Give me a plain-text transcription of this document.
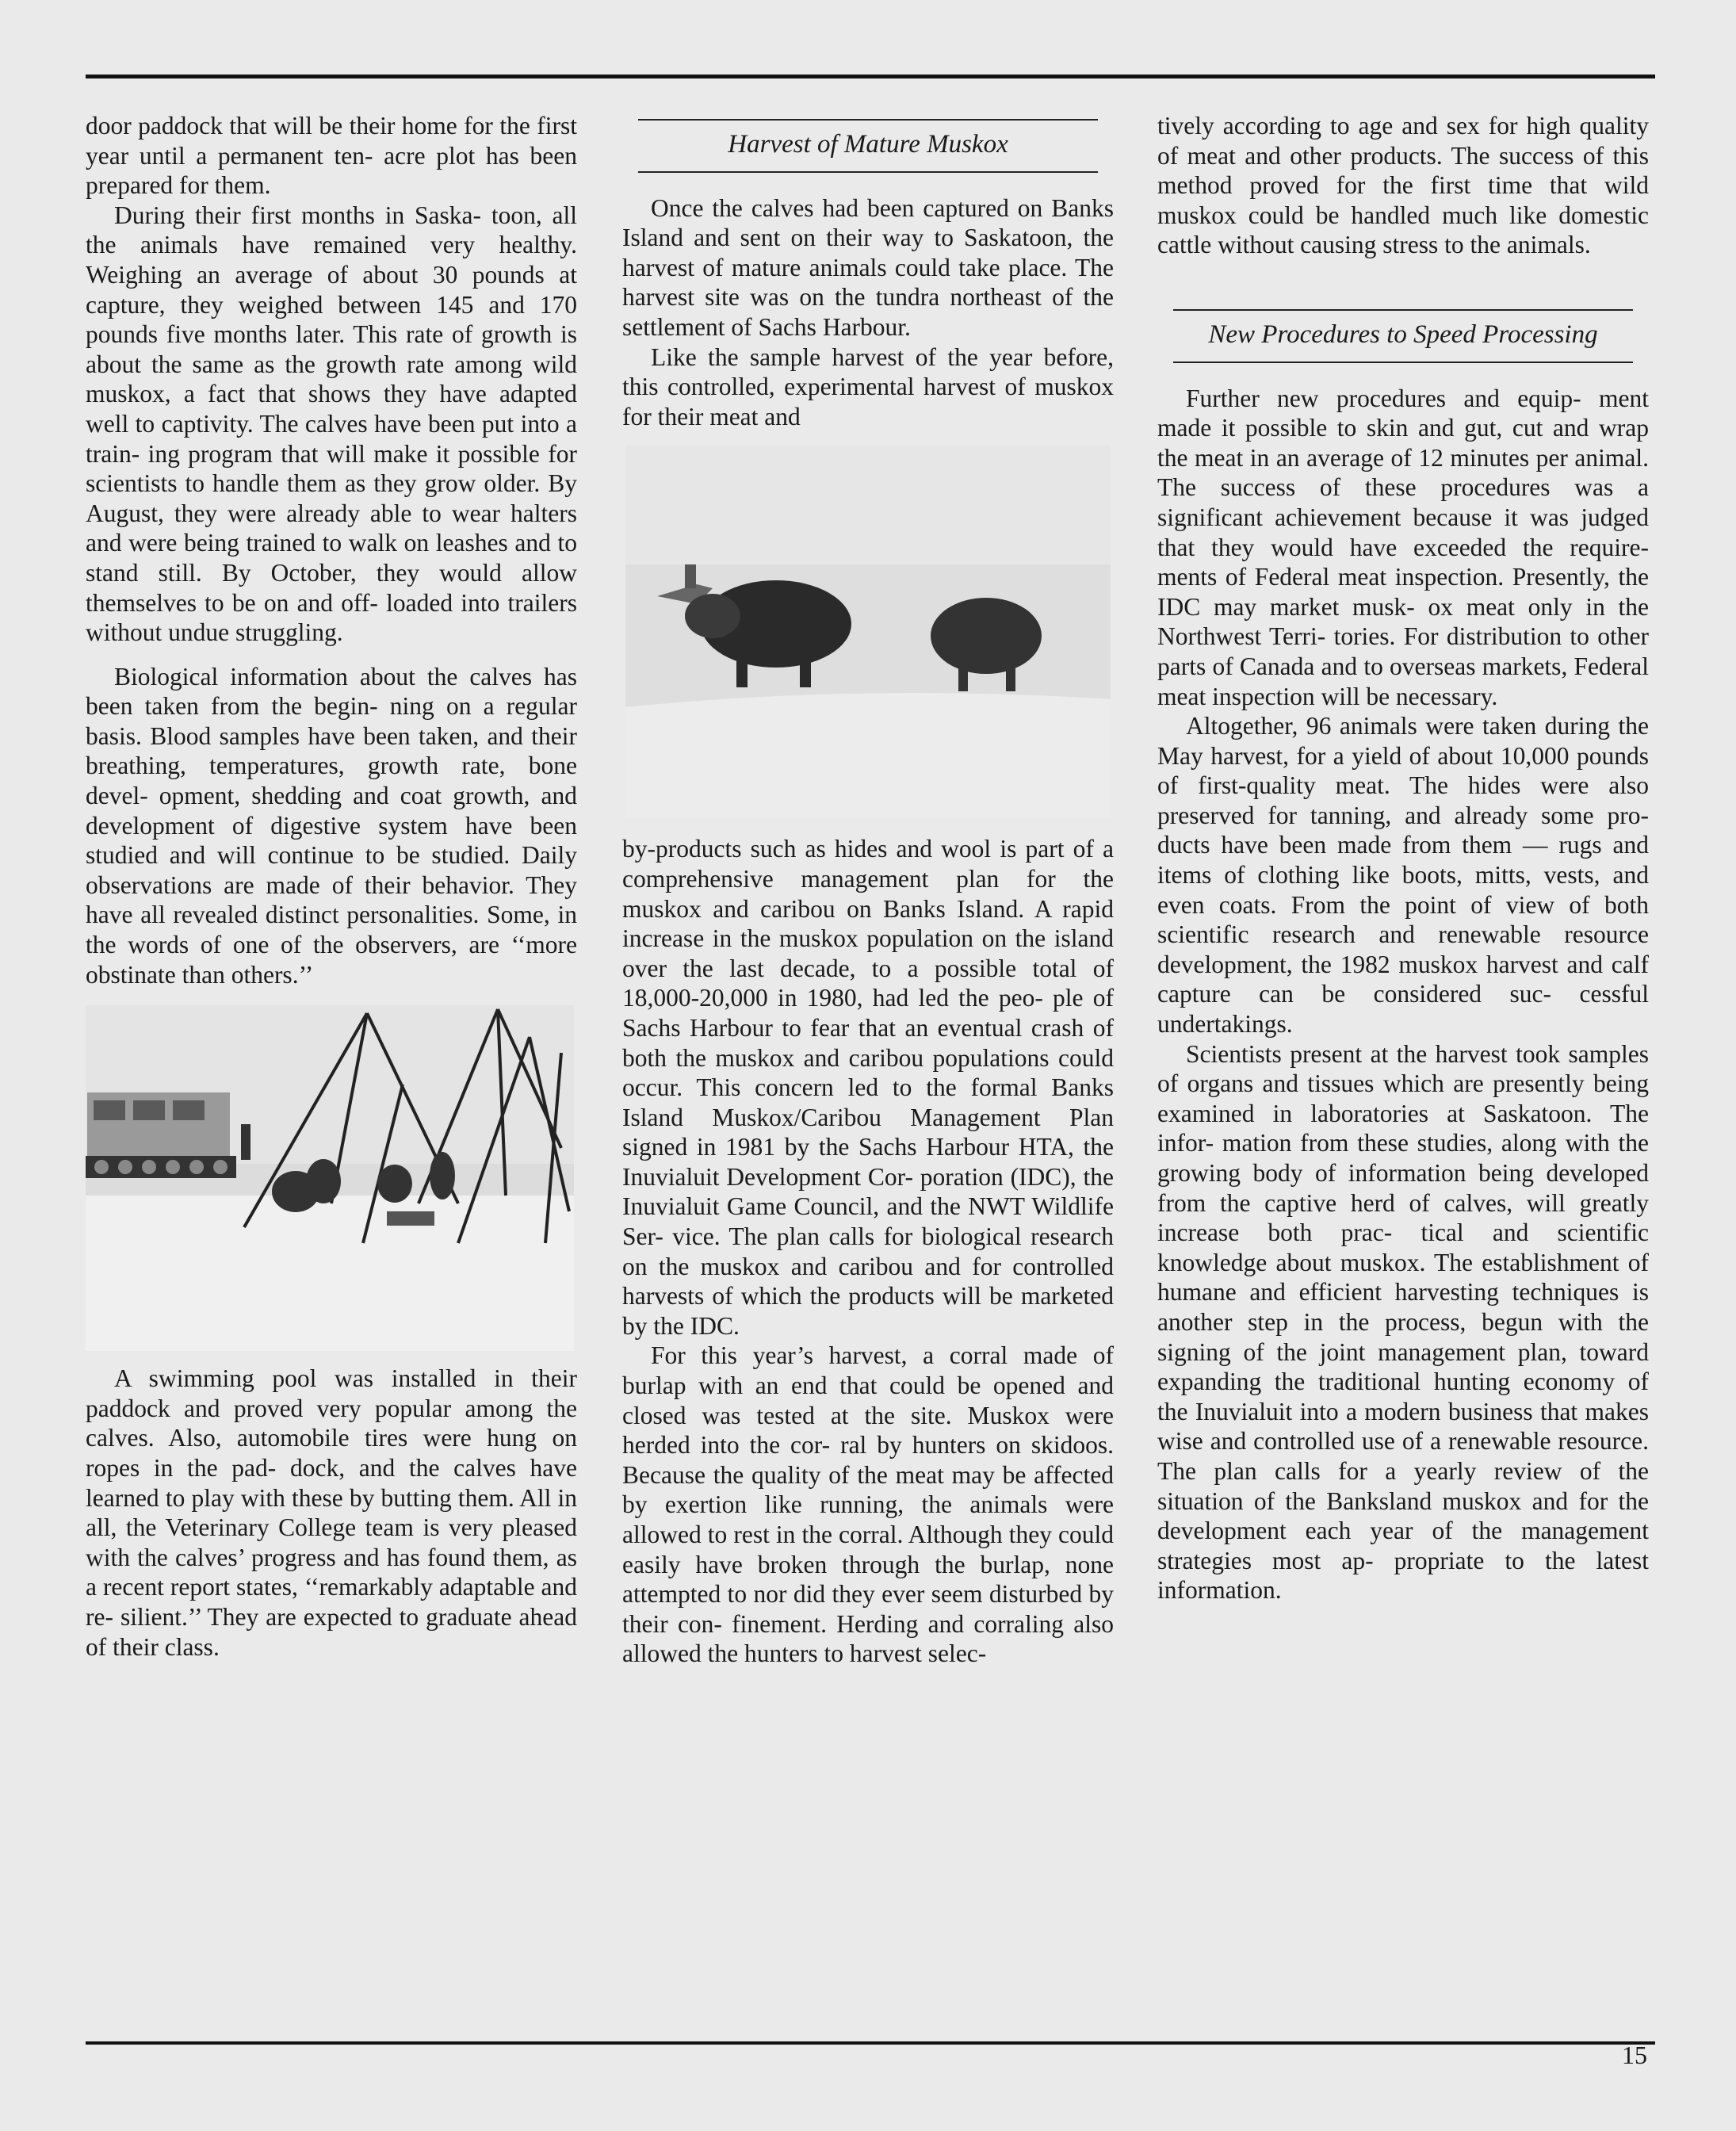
door paddock that will be their home for the first year until a permanent ten- acre plot has been prepared for them.

During their first months in Saska- toon, all the animals have remained very healthy. Weighing an average of about 30 pounds at capture, they weighed between 145 and 170 pounds five months later. This rate of growth is about the same as the growth rate among wild muskox, a fact that shows they have adapted well to captivity. The calves have been put into a train- ing program that will make it possible for scientists to handle them as they grow older. By August, they were already able to wear halters and were being trained to walk on leashes and to stand still. By October, they would allow themselves to be on and off- loaded into trailers without undue struggling.

Biological information about the calves has been taken from the begin- ning on a regular basis. Blood samples have been taken, and their breathing, temperatures, growth rate, bone devel- opment, shedding and coat growth, and development of digestive system have been studied and will continue to be studied. Daily observations are made of their behavior. They have all revealed distinct personalities. Some, in the words of one of the observers, are ‘‘more obstinate than others.’’

A swimming pool was installed in their paddock and proved very popular among the calves. Also, automobile tires were hung on ropes in the pad- dock, and the calves have learned to play with these by butting them. All in all, the Veterinary College team is very pleased with the calves’ progress and has found them, as a recent report states, ‘‘remarkably adaptable and re- silient.’’ They are expected to graduate ahead of their class.

Harvest of Mature Muskox

Once the calves had been captured on Banks Island and sent on their way to Saskatoon, the harvest of mature animals could take place. The harvest site was on the tundra northeast of the settlement of Sachs Harbour.

Like the sample harvest of the year before, this controlled, experimental harvest of muskox for their meat and

by-products such as hides and wool is part of a comprehensive management plan for the muskox and caribou on Banks Island. A rapid increase in the muskox population on the island over the last decade, to a possible total of 18,000-20,000 in 1980, had led the peo- ple of Sachs Harbour to fear that an eventual crash of both the muskox and caribou populations could occur. This concern led to the formal Banks Island Muskox/Caribou Management Plan signed in 1981 by the Sachs Harbour HTA, the Inuvialuit Development Cor- poration (IDC), the Inuvialuit Game Council, and the NWT Wildlife Ser- vice. The plan calls for biological research on the muskox and caribou and for controlled harvests of which the products will be marketed by the IDC.

For this year’s harvest, a corral made of burlap with an end that could be opened and closed was tested at the site. Muskox were herded into the cor- ral by hunters on skidoos. Because the quality of the meat may be affected by exertion like running, the animals were allowed to rest in the corral. Although they could easily have broken through the burlap, none attempted to nor did they ever seem disturbed by their con- finement. Herding and corraling also allowed the hunters to harvest selec-

tively according to age and sex for high quality of meat and other products. The success of this method proved for the first time that wild muskox could be handled much like domestic cattle without causing stress to the animals.

New Procedures to Speed Processing

Further new procedures and equip- ment made it possible to skin and gut, cut and wrap the meat in an average of 12 minutes per animal. The success of these procedures was a significant achievement because it was judged that they would have exceeded the require- ments of Federal meat inspection. Presently, the IDC may market musk- ox meat only in the Northwest Terri- tories. For distribution to other parts of Canada and to overseas markets, Federal meat inspection will be necessary.

Altogether, 96 animals were taken during the May harvest, for a yield of about 10,000 pounds of first-quality meat. The hides were also preserved for tanning, and already some pro- ducts have been made from them — rugs and items of clothing like boots, mitts, vests, and even coats. From the point of view of both scientific research and renewable resource development, the 1982 muskox harvest and calf capture can be considered suc- cessful undertakings.

Scientists present at the harvest took samples of organs and tissues which are presently being examined in laboratories at Saskatoon. The infor- mation from these studies, along with the growing body of information being developed from the captive herd of calves, will greatly increase both prac- tical and scientific knowledge about muskox. The establishment of humane and efficient harvesting techniques is another step in the process, begun with the signing of the joint management plan, toward expanding the traditional hunting economy of the Inuvialuit into a modern business that makes wise and controlled use of a renewable resource. The plan calls for a yearly review of the situation of the Banksland muskox and for the development each year of the management strategies most ap- propriate to the latest information.

15
